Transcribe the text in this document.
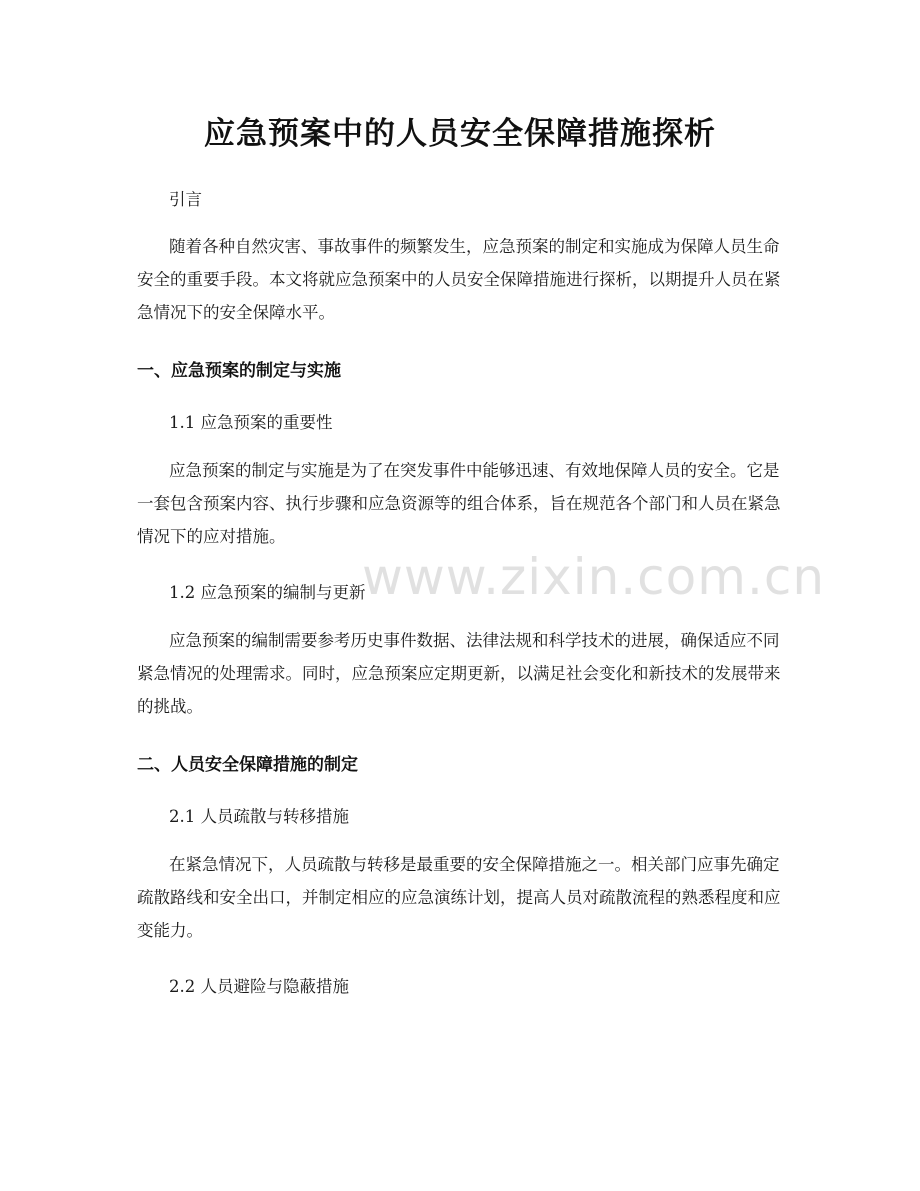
应急预案中的人员安全保障措施探析
引言
随着各种自然灾害、事故事件的频繁发生，应急预案的制定和实施成为保障人员生命安全的重要手段。本文将就应急预案中的人员安全保障措施进行探析，以期提升人员在紧急情况下的安全保障水平。
一、应急预案的制定与实施
1.1 应急预案的重要性
应急预案的制定与实施是为了在突发事件中能够迅速、有效地保障人员的安全。它是一套包含预案内容、执行步骤和应急资源等的组合体系，旨在规范各个部门和人员在紧急情况下的应对措施。
1.2 应急预案的编制与更新
应急预案的编制需要参考历史事件数据、法律法规和科学技术的进展，确保适应不同紧急情况的处理需求。同时，应急预案应定期更新，以满足社会变化和新技术的发展带来的挑战。
二、人员安全保障措施的制定
2.1 人员疏散与转移措施
在紧急情况下，人员疏散与转移是最重要的安全保障措施之一。相关部门应事先确定疏散路线和安全出口，并制定相应的应急演练计划，提高人员对疏散流程的熟悉程度和应变能力。
2.2 人员避险与隐蔽措施
www.zixin.com.cn
